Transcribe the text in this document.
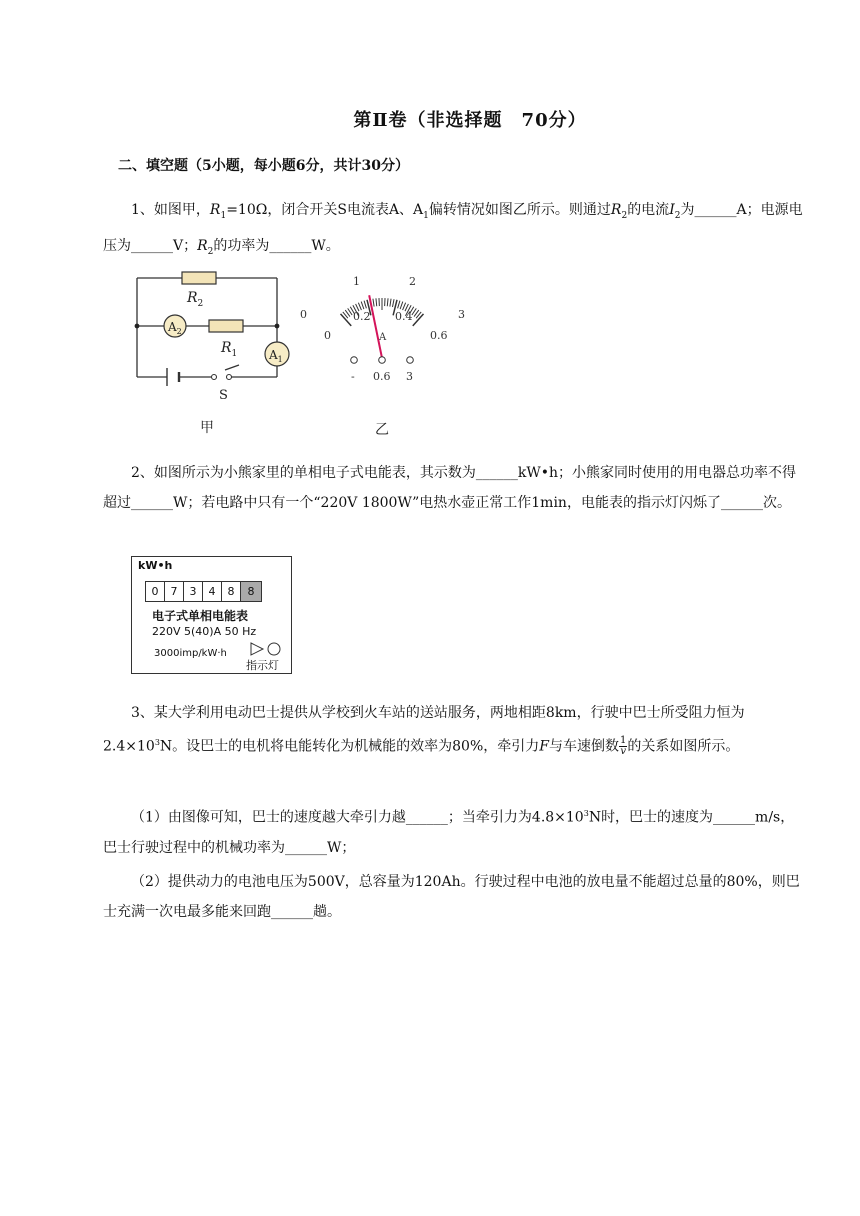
第Ⅱ卷（非选择题　70分）
二、填空题（5小题，每小题6分，共计30分）
1、如图甲，$R_1=10\Omega$，闭合开关S电流表A、$A_1$偏转情况如图乙所示。则通过$R_2$的电流$I_2$为______A；电源电压为______V；$R_2$的功率为______W。
$R_2$
$R_1$
$A_2$
$A_1$
S
甲
0
1	2
3
0
0.2 0.4
0.6
A
- 0.6 3
乙
2、如图所示为小熊家里的单相电子式电能表，其示数为______kW•h；小熊家同时使用的用电器总功率不得超过______W；若电路中只有一个“220V 1800W”电热水壶正常工作1min，电能表的指示灯闪烁了______次。
kW•h
0	7	3	4	8	8
电子式单相电能表
220V 5(40)A 50 Hz
3000imp/kW·h
指示灯
3、某大学利用电动巴士提供从学校到火车站的送站服务，两地相距8km，行驶中巴士所受阻力恒为$2.4\times 10^3N$。设巴士的电机将电能转化为机械能的效率为80%，牵引力F与车速倒数 $\frac{1}{v}$ 的关系如图所示。
（1）由图像可知，巴士的速度越大牵引力越______；当牵引力为$4.8\times 10^3N$时，巴士的速度为______m/s，巴士行驶过程中的机械功率为______W；
（2）提供动力的电池电压为500V，总容量为120Ah。行驶过程中电池的放电量不能超过总量的80%，则巴士充满一次电最多能来回跑______趟。
